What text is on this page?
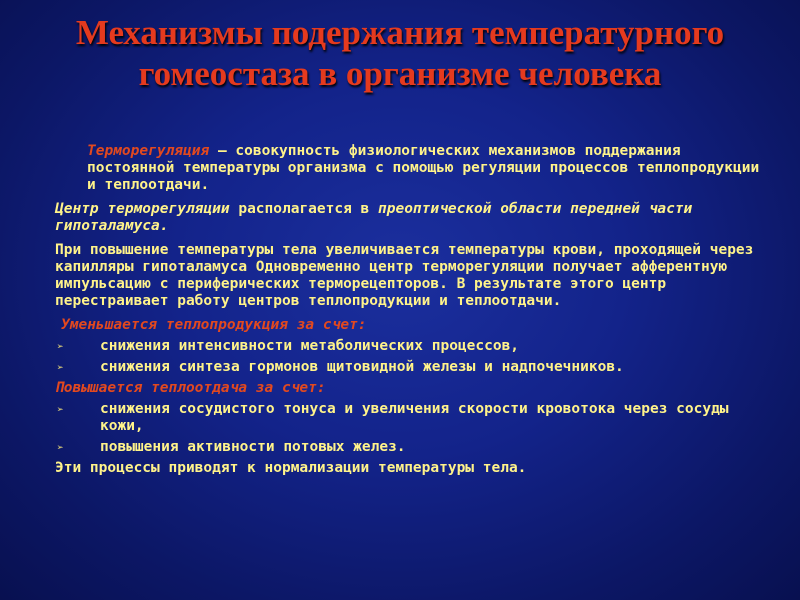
Механизмы подержания температурного гомеостаза в организме человека

Терморегуляция – совокупность физиологических механизмов поддержания постоянной температуры организма с помощью регуляции процессов теплопродукции и теплоотдачи.

Центр терморегуляции располагается в преоптической области передней части гипоталамуса.

При повышение температуры тела увеличивается температуры крови, проходящей через капилляры гипоталамуса Одновременно центр терморегуляции получает афферентную импульсацию с периферических терморецепторов. В результате этого центр перестраивает работу центров теплопродукции и теплоотдачи.

Уменьшается теплопродукция за счет:

➢	снижения интенсивности метаболических процессов,
➢	снижения синтеза гормонов щитовидной железы и надпочечников.

Повышается теплоотдача за счет:

➢	снижения сосудистого тонуса и увеличения скорости кровотока через сосуды кожи,
➢	повышения активности потовых желез.

Эти процессы приводят к нормализации температуры тела.
